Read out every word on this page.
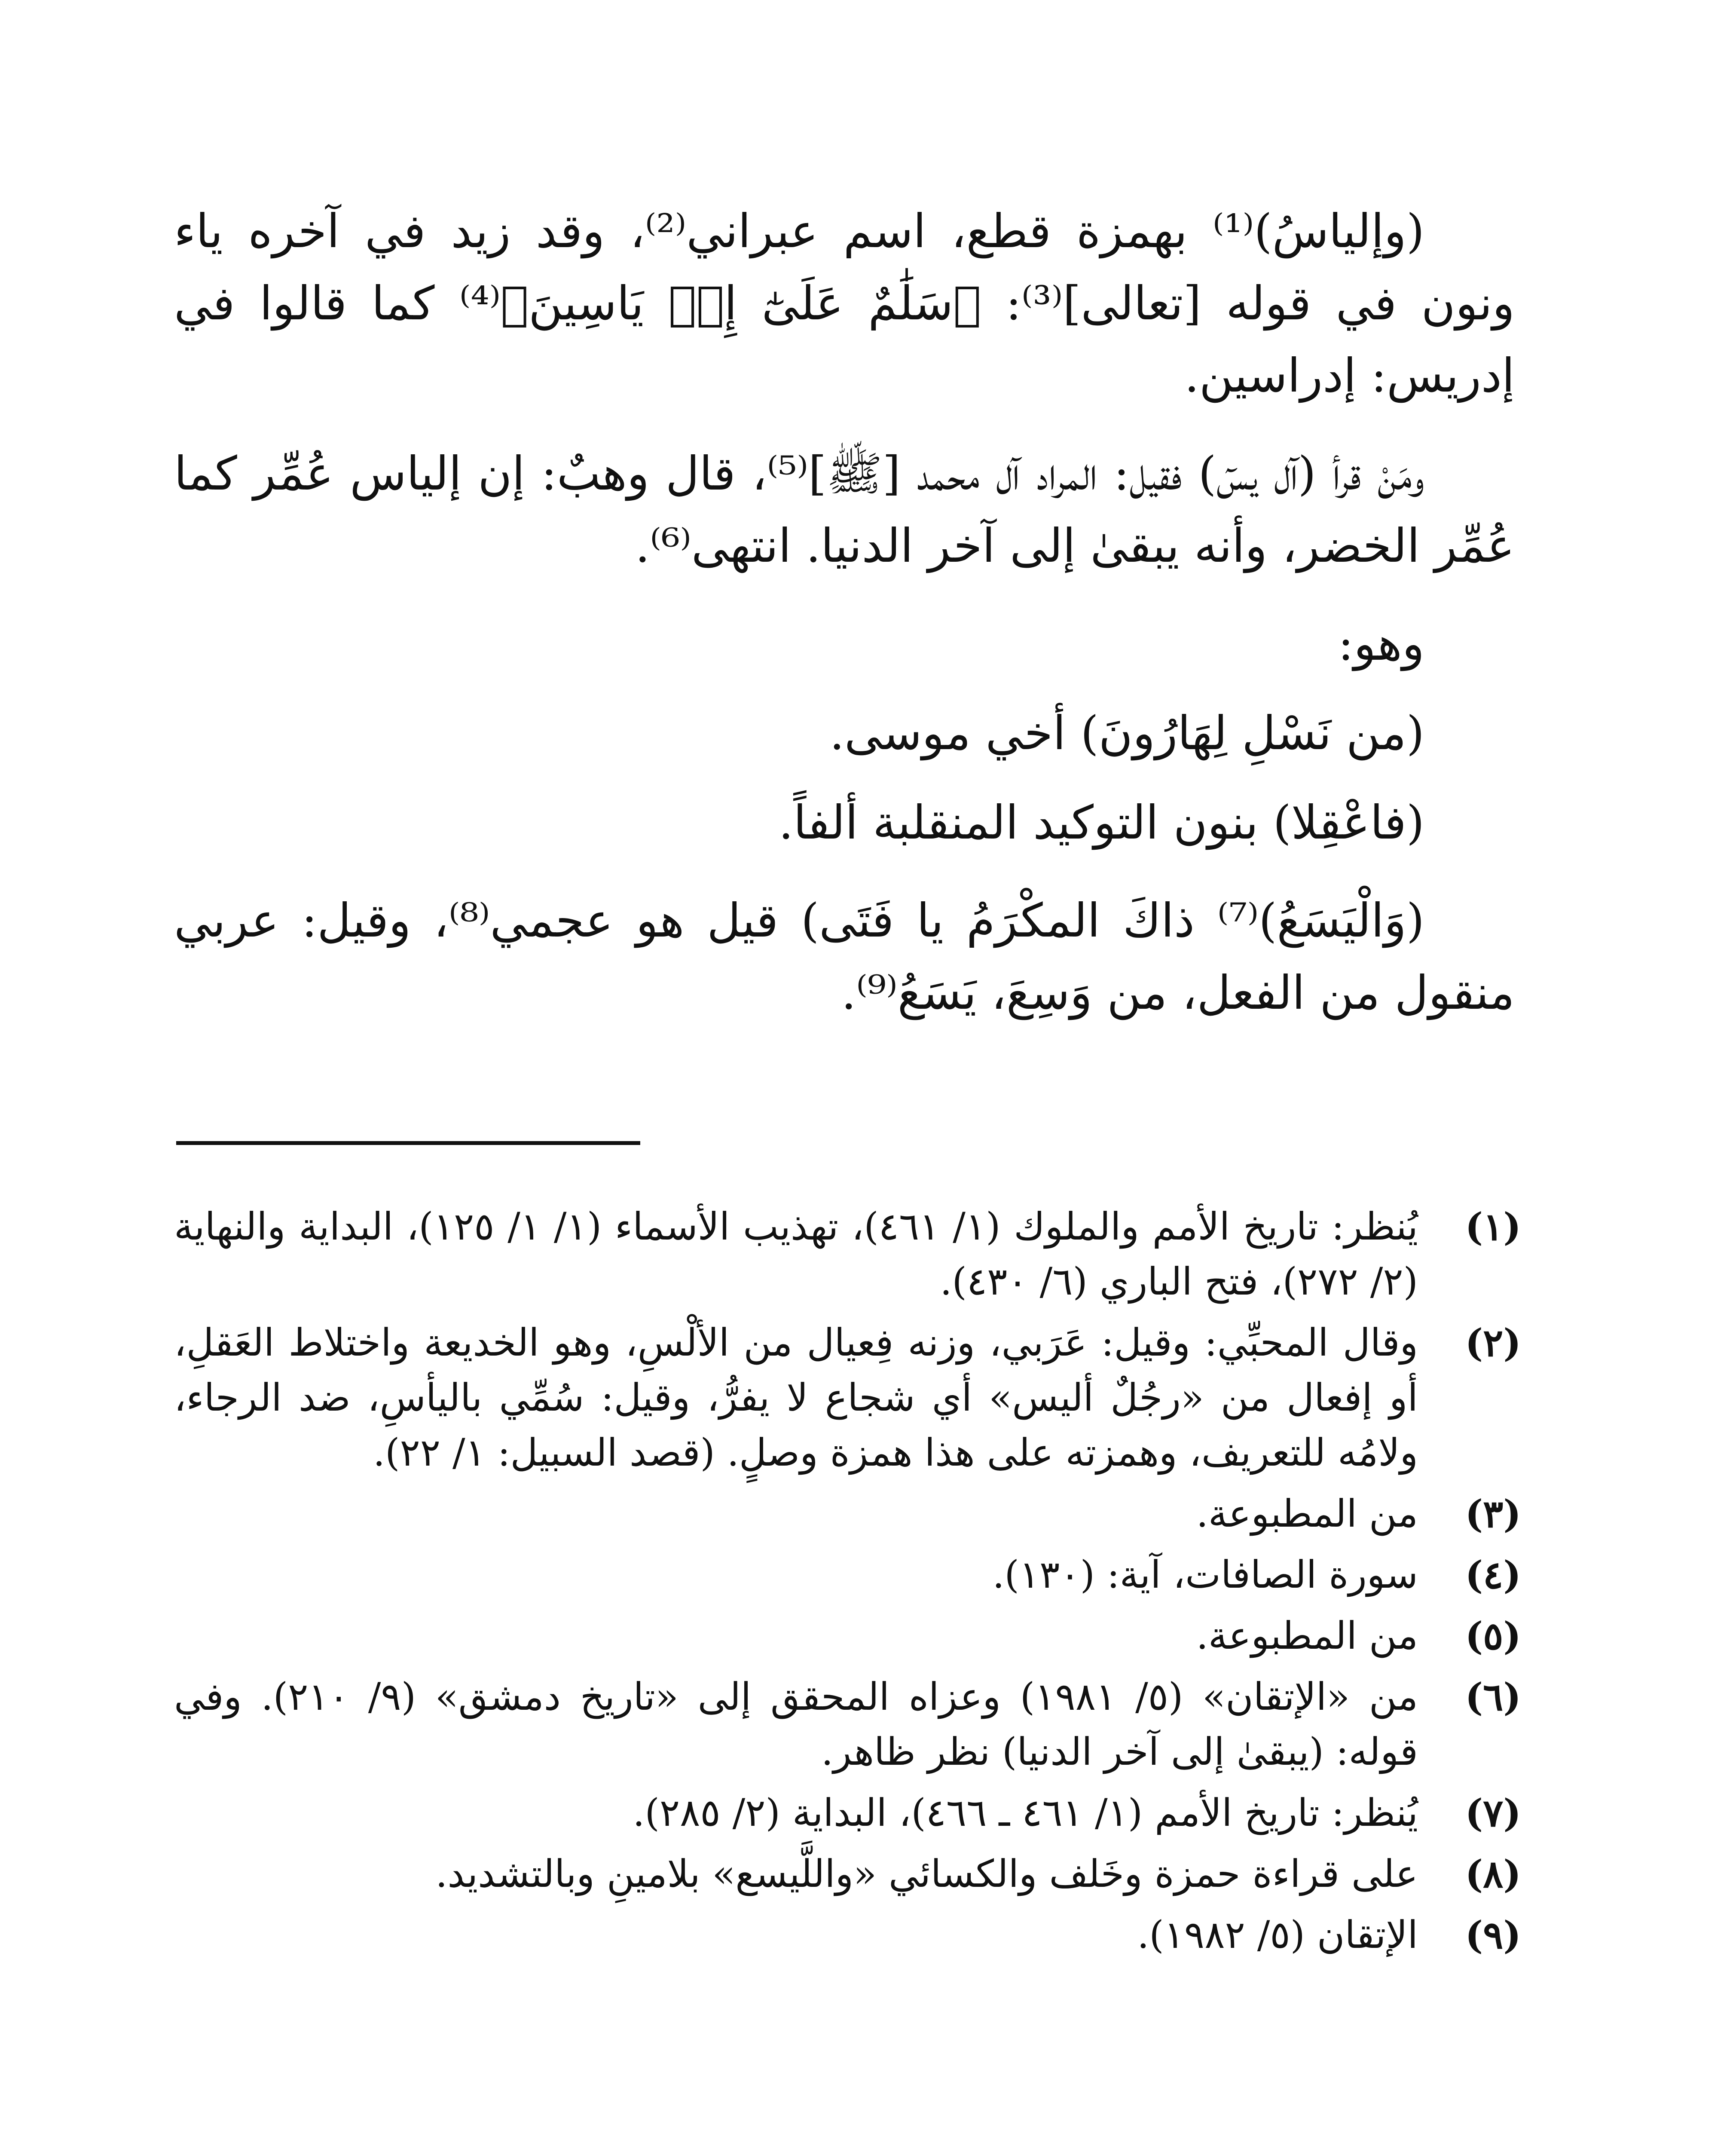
(وإلياسُ)⁽¹⁾ بهمزة قطع، اسم عبراني⁽²⁾، وقد زيد في آخره ياء ونون في قوله [تعالى]⁽³⁾: ﴿سَلَٰمٌ عَلَىٰٓ إِلۡ يَاسِينَ﴾⁽⁴⁾ كما قالوا في إدريس: إدراسين.

ومَنْ قرأ (آل يسٓ) فقيل: المراد آل محمد [ﷺ]⁽⁵⁾، قال وهبٌ: إن إلياس عُمِّر كما عُمِّر الخضر، وأنه يبقىٰ إلى آخر الدنيا. انتهى⁽⁶⁾.

وهو:

(من نَسْلِ لِهَارُونَ) أخي موسى.

(فاعْقِلا) بنون التوكيد المنقلبة ألفاً.

(وَالْيَسَعُ)⁽⁷⁾ ذاكَ المكْرَمُ يا فَتَى) قيل هو عجمي⁽⁸⁾، وقيل: عربي منقول من الفعل، من وَسِعَ، يَسَعُ⁽⁹⁾.

(١)
يُنظر: تاريخ الأمم والملوك (١/ ٤٦١)، تهذيب الأسماء (١/ ١/ ١٢٥)، البداية والنهاية (٢/ ٢٧٢)، فتح الباري (٦/ ٤٣٠).
(٢)
وقال المحبِّي: وقيل: عَرَبي، وزنه فِعيال من الألْسِ، وهو الخديعة واختلاط العَقلِ، أو إفعال من «رجُلٌ أليس» أي شجاع لا يفرُّ، وقيل: سُمِّي باليأسِ، ضد الرجاء، ولامُه للتعريف، وهمزته على هذا همزة وصلٍ. (قصد السبيل: ١/ ٢٢).
(٣)
من المطبوعة.
(٤)
سورة الصافات، آية: (١٣٠).
(٥)
من المطبوعة.
(٦)
من «الإتقان» (٥/ ١٩٨١) وعزاه المحقق إلى «تاريخ دمشق» (٩/ ٢١٠). وفي قوله: (يبقىٰ إلى آخر الدنيا) نظر ظاهر.
(٧)
يُنظر: تاريخ الأمم (١/ ٤٦١ ـ ٤٦٦)، البداية (٢/ ٢٨٥).
(٨)
على قراءة حمزة وخَلف والكسائي «واللَّيسع» بلامينِ وبالتشديد.
(٩)
الإتقان (٥/ ١٩٨٢).
